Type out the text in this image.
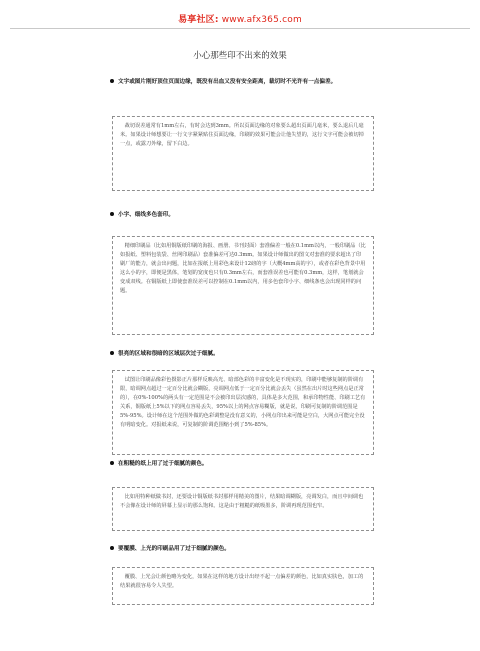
易享社区: www.afx365.com
小心那些印不出来的效果
文字或图片刚好顶住页面边缘，既没有出血又没有安全距离，裁切时不光许有一点偏差。
裁切误差通常有1mm左右，有时会达到3mm。所以页面边缘的对象要么超出页面几毫米，要么退后几毫米。如果设计师想要让一行文字紧紧贴住页面边缘，印刷的效果可能会让他失望的，这行文字可能会被切掉一点，或露刀外缘，留下白边。
小字、细线多色套印。
精细印刷品（比如用铜版纸印刷的海报、画册、书刊封面）套准偏差一般在0.1mm以内，一般印刷品（比如报纸、塑料包装袋、丝网印刷品）套准偏差可达0.3mm。如果设计师做出的图文对套准的要求超出了印刷厂的能力，就会出问题，比如在报纸上用彩色来设计12磅的字（大概4mm高的字），或者在彩色背景中用这么小的字，即便是黑体，笔划的宽度也只有0.3mm左右，而套准误差也可能有0.3mm，这样，笔划就会变成双线。在铜版纸上即使套准误差可以控制在0.1mm以内，用多色套印小字、细线条也会出现同样的问题。
很亮的区域和很暗的区域层次过于细腻。
试图让印刷品像彩色摄影正片那样反映高光、暗部色彩的丰富变化是不现实的，印刷中能够复制的阶调有限，暗调网点超过一定百分比就会糊版，亮调网点低于一定百分比就会丢失（虽然在出片时这些网点是正常的），在0%-100%的两头有一定范围是不会被印出层次感的，具体是多大范围，和承印物性能、印刷工艺有关系，铜版纸上5%以下的网点容易丢失，95%以上的网点容易糊版，就是说，印刷可复制的阶调范围是5%-95%。设计师在这个范围外做的色彩调整是没有意义的，小网点印出来可能是空白，大网点可能完全没有明暗变化。对报纸来说，可复制的阶调范围缩小到了5%-85%。
在粗糙的纸上用了过于细腻的颜色。
比如用特种纸做书封，还要设计铜版纸书封那样用精美的图片，结果暗调糊版，亮调发白，而且中间调也不会像在设计师的屏幕上显示的那么饱和。这是由于粗糙的纸吸墨多，阶调再现范围也窄。
要覆膜、上光的印刷品用了过于细腻的颜色。
覆膜、上光会让颜色略为变化，如果在这样的地方设计出经不起一点偏差的颜色，比如真实肤色，加工的结果就很容易令人失望。
